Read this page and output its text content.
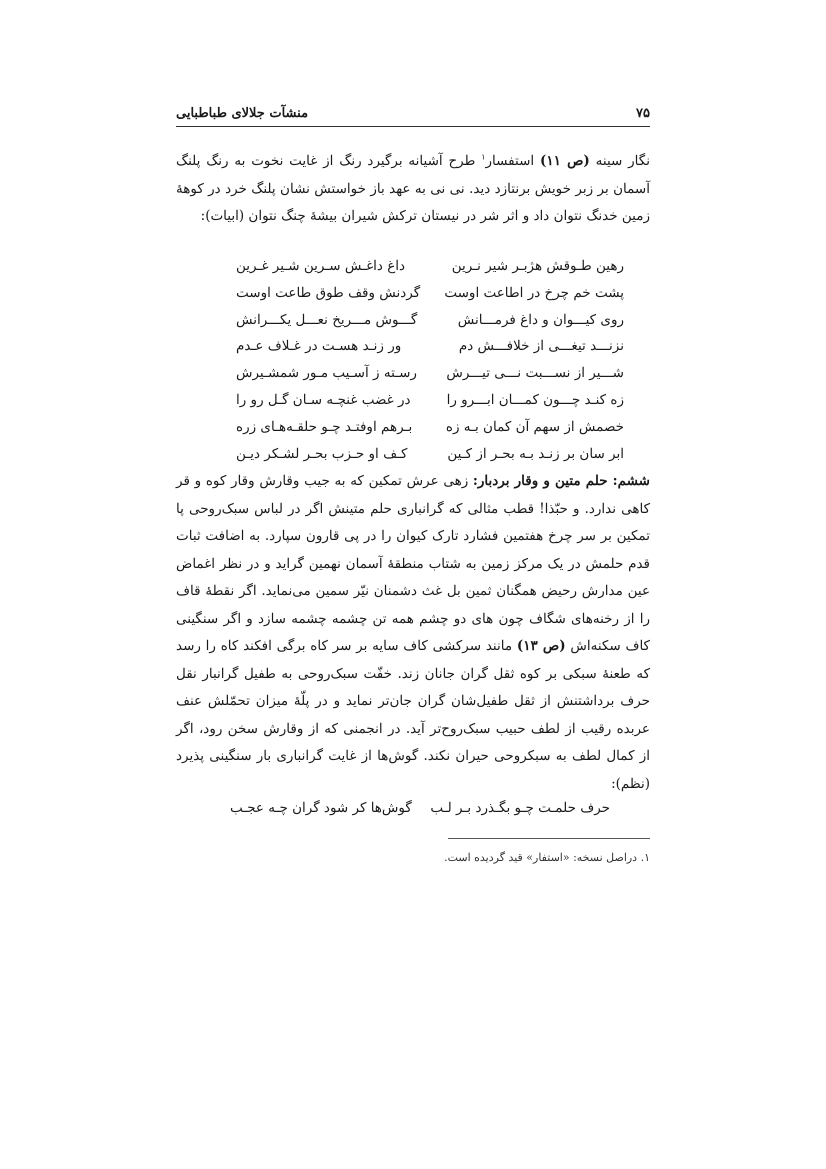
۷۵
منشآت جلالای طباطبایی

نگار سینه (ص ۱۱) استفسار$^۱$ طرح آشیانه برگیرد رنگ از غایت نخوت به رنگ پلنگ آسمان بر زبر خویش برنتازد دید. نی نی به عهد باز خواستش نشان پلنگ خرد در کوهۀ زمین خدنگ نتوان داد و اثر شر در نیستان ترکش شیران بیشۀ چنگ نتوان (ابیات):

رهین طـوقش هژبـر شیر نـرین
داغ داغـش سـرین شـیر غـرین
پشت خم چرخ در اطاعت اوست
گردنش وقف طوق طاعت اوست
روی کیـــوان و داغ فرمـــانش
گـــوش مـــریخ نعـــل یکـــرانش
نزنـــد تیغـــی از خلافـــش دم
ور زنـد هسـت در غـلاف عـدم
شـــیر از نســـبت نـــی تیـــرش
رسـته ز آسـیب مـور شمشـیرش
زه کنـد چـــون کمـــان ابـــرو را
در غضب غنچـه سـان گـل رو را
خصمش از سهم آن کمان بـه زه
بـرهم اوفتـد چـو حلقـه‌هـای زره
ابر سان بر زنـد بـه بحـر از کـین
کـف او حـزب بحـر لشـکر دیـن

ششم: حلم متین و وقار بردبار: زهی عرش تمکین که به جیب وقارش وقار کوه و قر کاهی ندارد. و حبّذا! قطب مثالی که گرانباری حلم متینش اگر در لباس سبک‌روحی پا تمکین بر سر چرخ هفتمین فشارد تارک کیوان را در پی قارون سپارد. به اضافت ثبات قدم حلمش در یک مرکز زمین به شتاب منطقۀ آسمان نهمین گراید و در نظر اغماض عین مدارش رحیض همگنان ثمین بل غث دشمنان نیّر سمین می‌نماید. اگر نقطۀ قاف را از رخنه‌های شگاف چون های دو چشم همه تن چشمه چشمه سازد و اگر سنگینی کاف سکنه‌اش (ص ۱۳) مانند سرکشی کاف سایه بر سر کاه برگی افکند کاه را رسد که طعنۀ سبکی بر کوه ثقل گران جانان زند. خفّت سبک‌روحی به طفیل گرانبار نقل حرف برداشتنش از ثقل طفیل‌شان گران جان‌تر نماید و در پلّۀ میزان تحمّلش عنف عربده رقیب از لطف حبیب سبک‌روح‌تر آید. در انجمنی که از وقارش سخن رود، اگر از کمال لطف به سبکروحی حیران نکند. گوش‌ها از غایت گرانباری بار سنگینی پذیرد (نظم):

حرف حلمـت چـو بگـذرد بـر لـب
گوش‌ها کر شود گران چـه عجـب
۱. دراصل نسخه: «استفار» قید گردیده است.
